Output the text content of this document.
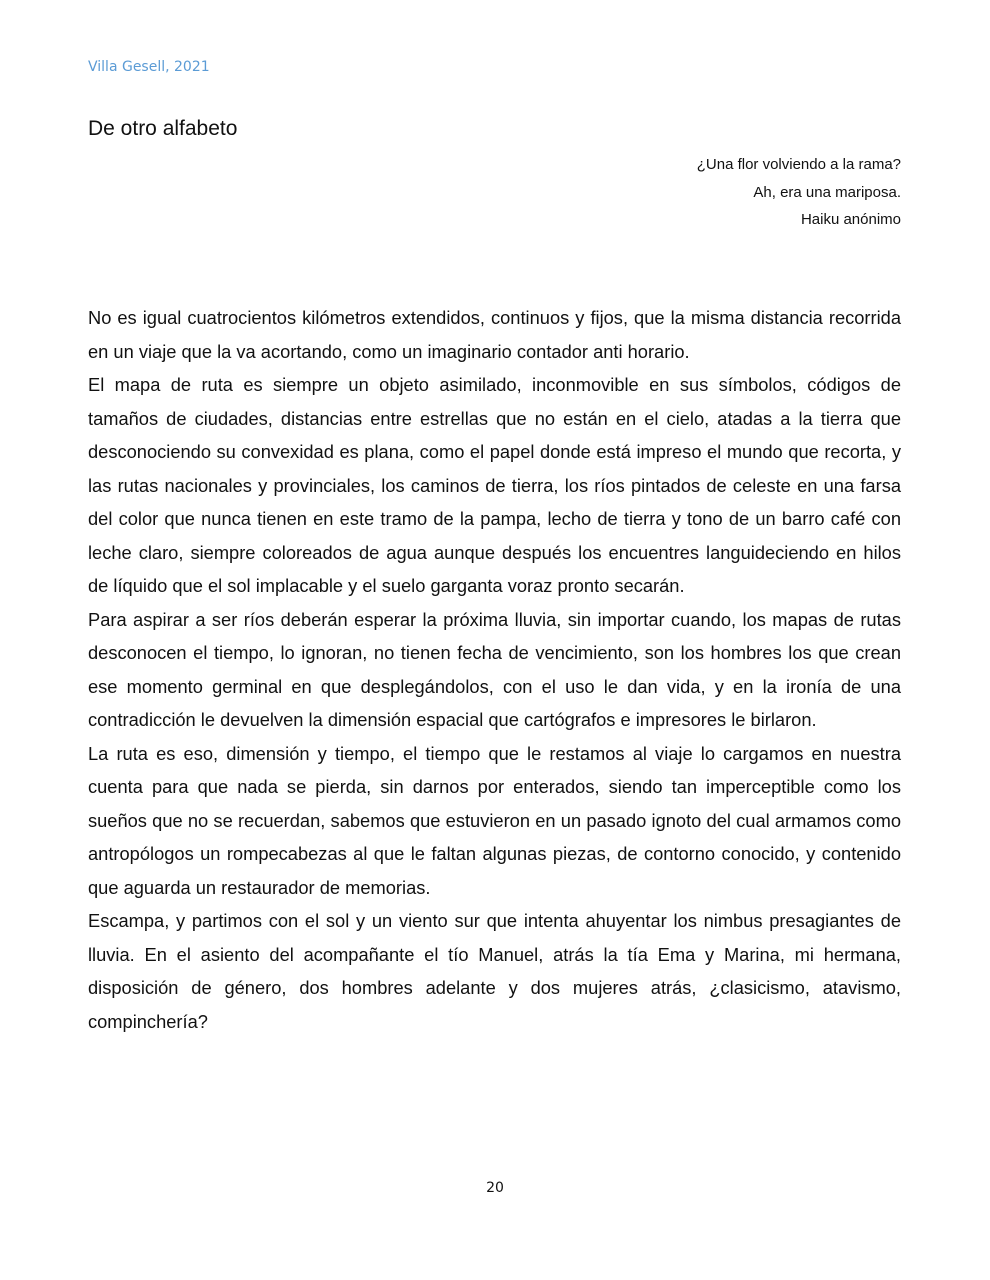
Villa Gesell, 2021
De otro alfabeto
¿Una flor volviendo a la rama?
Ah, era una mariposa.
Haiku anónimo

No es igual cuatrocientos kilómetros extendidos, continuos y fijos, que la misma distancia recorrida en un viaje que la va acortando, como un imaginario contador anti horario.

El mapa de ruta es siempre un objeto asimilado, inconmovible en sus símbolos, códigos de tamaños de ciudades, distancias entre estrellas que no están en el cielo, atadas a la tierra que desconociendo su convexidad es plana, como el papel donde está impreso el mundo que recorta, y las rutas nacionales y provinciales, los caminos de tierra, los ríos pintados de celeste en una farsa del color que nunca tienen en este tramo de la pampa, lecho de tierra y tono de un barro café con leche claro, siempre coloreados de agua aunque después los encuentres languideciendo en hilos de líquido que el sol implacable y el suelo garganta voraz pronto secarán.

Para aspirar a ser ríos deberán esperar la próxima lluvia, sin importar cuando, los mapas de rutas desconocen el tiempo, lo ignoran, no tienen fecha de vencimiento, son los hombres los que crean ese momento germinal en que desplegándolos, con el uso le dan vida, y en la ironía de una contradicción le devuelven la dimensión espacial que cartógrafos e impresores le birlaron.

La ruta es eso, dimensión y tiempo, el tiempo que le restamos al viaje lo cargamos en nuestra cuenta para que nada se pierda, sin darnos por enterados, siendo tan imperceptible como los sueños que no se recuerdan, sabemos que estuvieron en un pasado ignoto del cual armamos como antropólogos un rompecabezas al que le faltan algunas piezas, de contorno conocido, y contenido que aguarda un restaurador de memorias.

Escampa, y partimos con el sol y un viento sur que intenta ahuyentar los nimbus presagiantes de lluvia. En el asiento del acompañante el tío Manuel, atrás la tía Ema y Marina, mi hermana, disposición de género, dos hombres adelante y dos mujeres atrás, ¿clasicismo, atavismo, compinchería?

20
